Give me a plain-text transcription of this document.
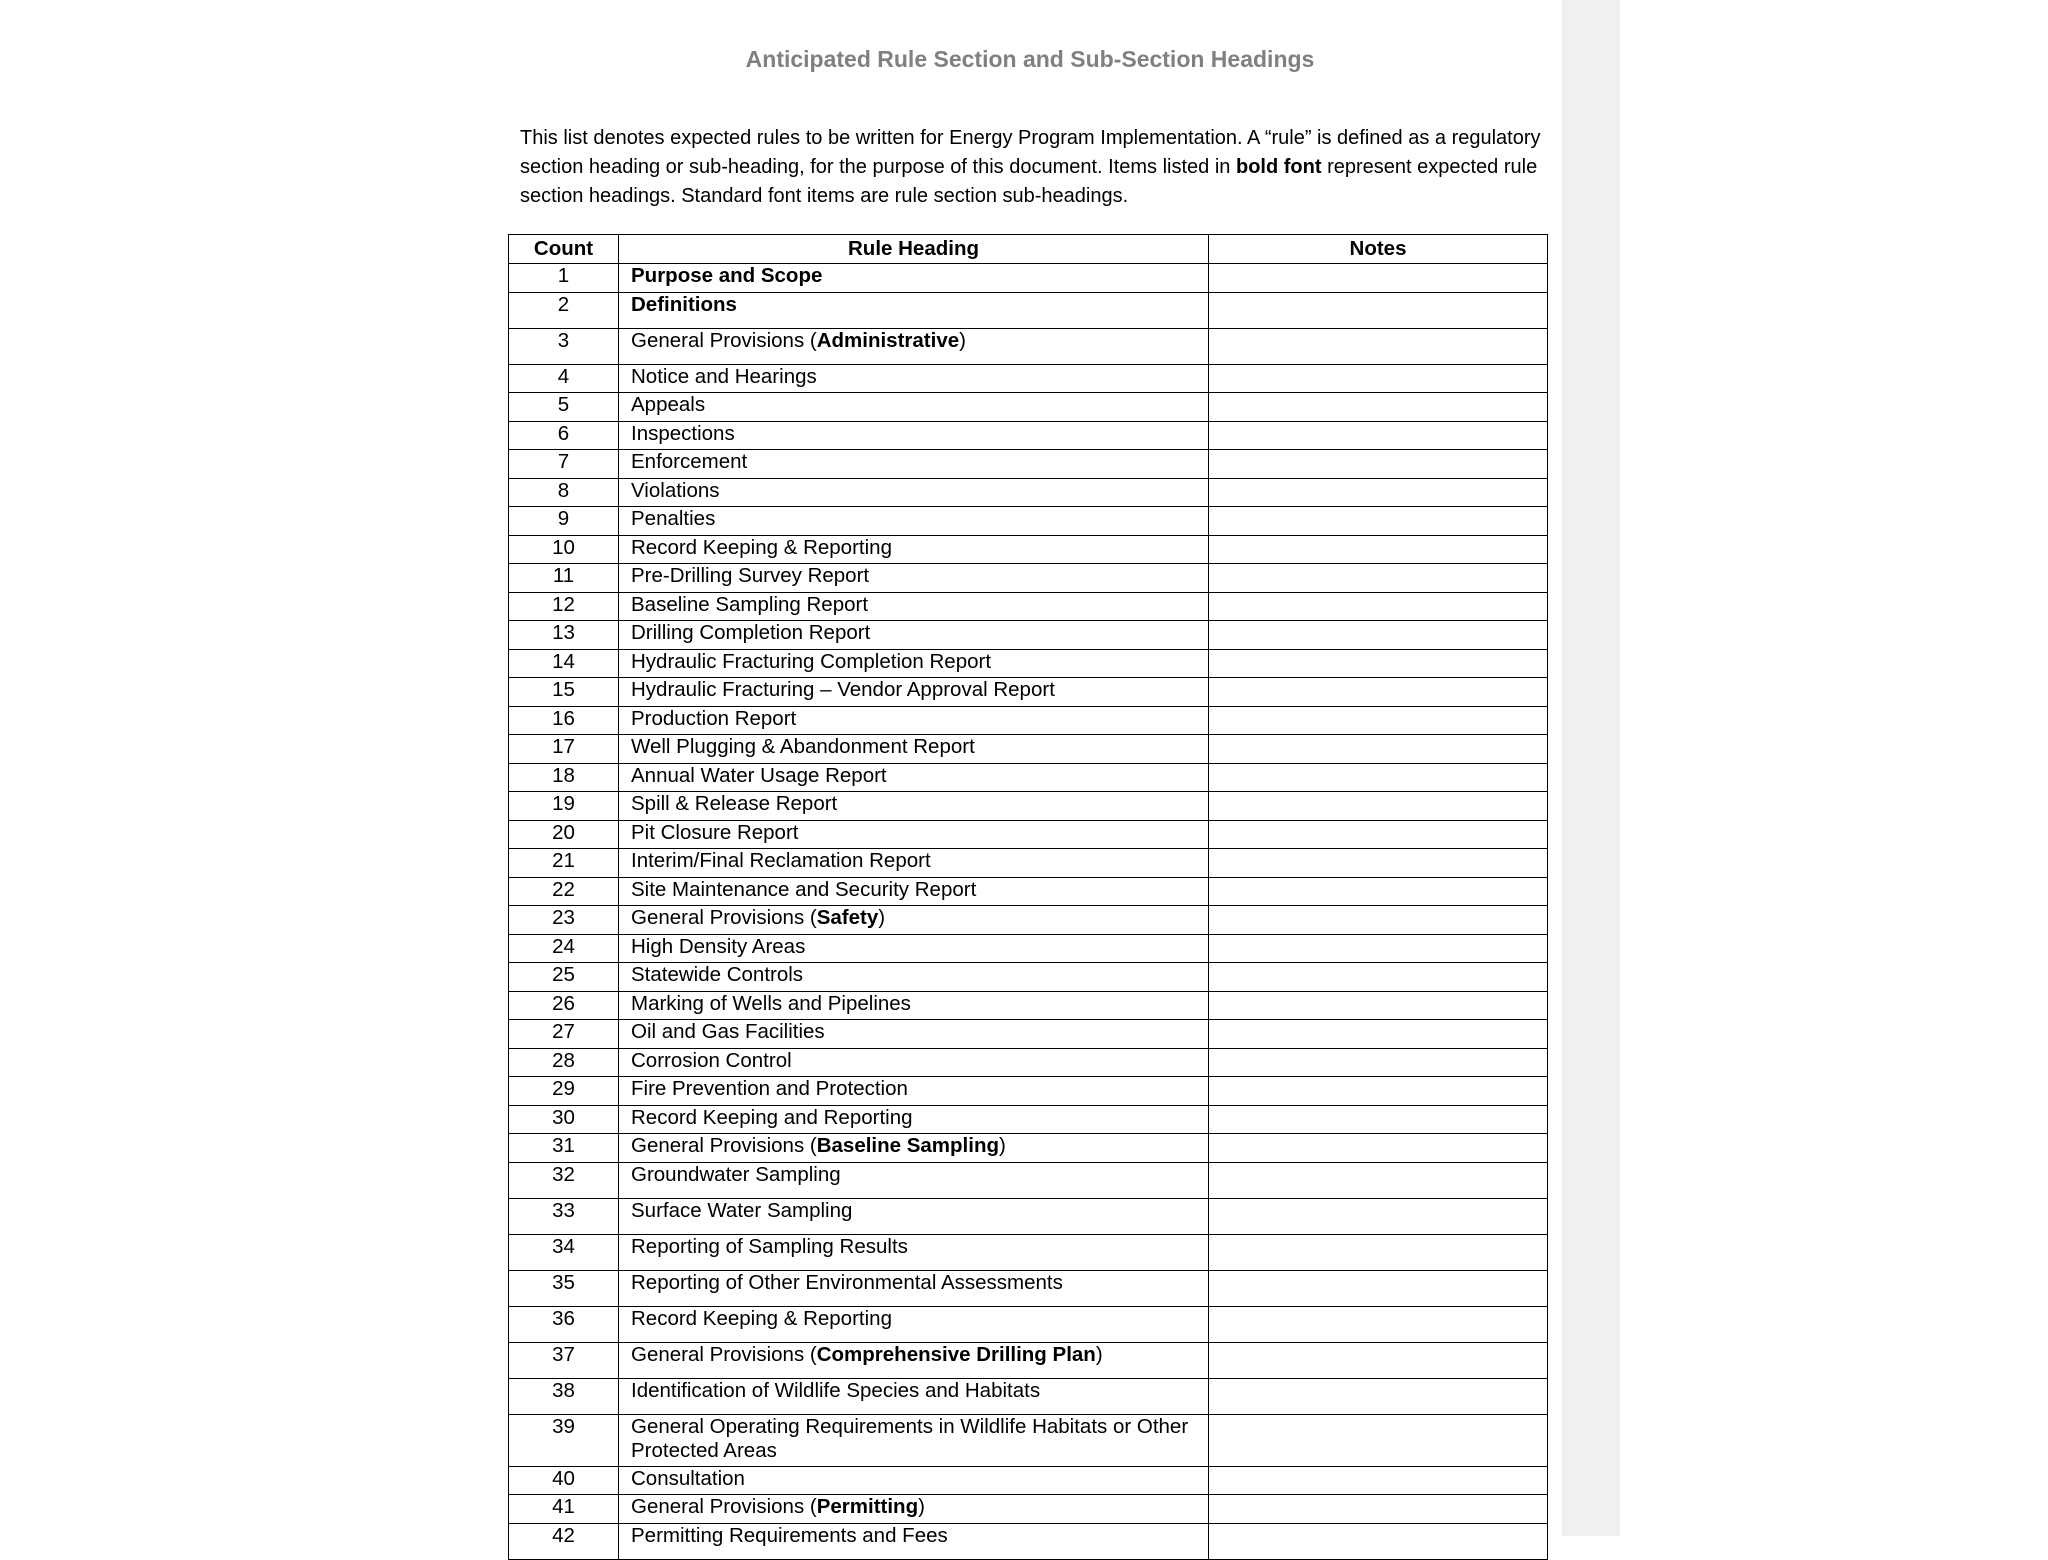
Anticipated Rule Section and Sub-Section Headings

This list denotes expected rules to be written for Energy Program Implementation. A “rule” is defined as a regulatory section heading or sub-heading, for the purpose of this document. Items listed in bold font represent expected rule section headings. Standard font items are rule section sub-headings.

Count	Rule Heading	Notes
1	Purpose and Scope	
2	Definitions	
3	General Provisions (Administrative)	
4	Notice and Hearings	
5	Appeals	
6	Inspections	
7	Enforcement	
8	Violations	
9	Penalties	
10	Record Keeping & Reporting	
11	Pre-Drilling Survey Report	
12	Baseline Sampling Report	
13	Drilling Completion Report	
14	Hydraulic Fracturing Completion Report	
15	Hydraulic Fracturing – Vendor Approval Report	
16	Production Report	
17	Well Plugging & Abandonment Report	
18	Annual Water Usage Report	
19	Spill & Release Report	
20	Pit Closure Report	
21	Interim/Final Reclamation Report	
22	Site Maintenance and Security Report	
23	General Provisions (Safety)	
24	High Density Areas	
25	Statewide Controls	
26	Marking of Wells and Pipelines	
27	Oil and Gas Facilities	
28	Corrosion Control	
29	Fire Prevention and Protection	
30	Record Keeping and Reporting	
31	General Provisions (Baseline Sampling)	
32	Groundwater Sampling	
33	Surface Water Sampling	
34	Reporting of Sampling Results	
35	Reporting of Other Environmental Assessments	
36	Record Keeping & Reporting	
37	General Provisions (Comprehensive Drilling Plan)	
38	Identification of Wildlife Species and Habitats	
39	General Operating Requirements in Wildlife Habitats or Other Protected Areas	
40	Consultation	
41	General Provisions (Permitting)	
42	Permitting Requirements and Fees	
